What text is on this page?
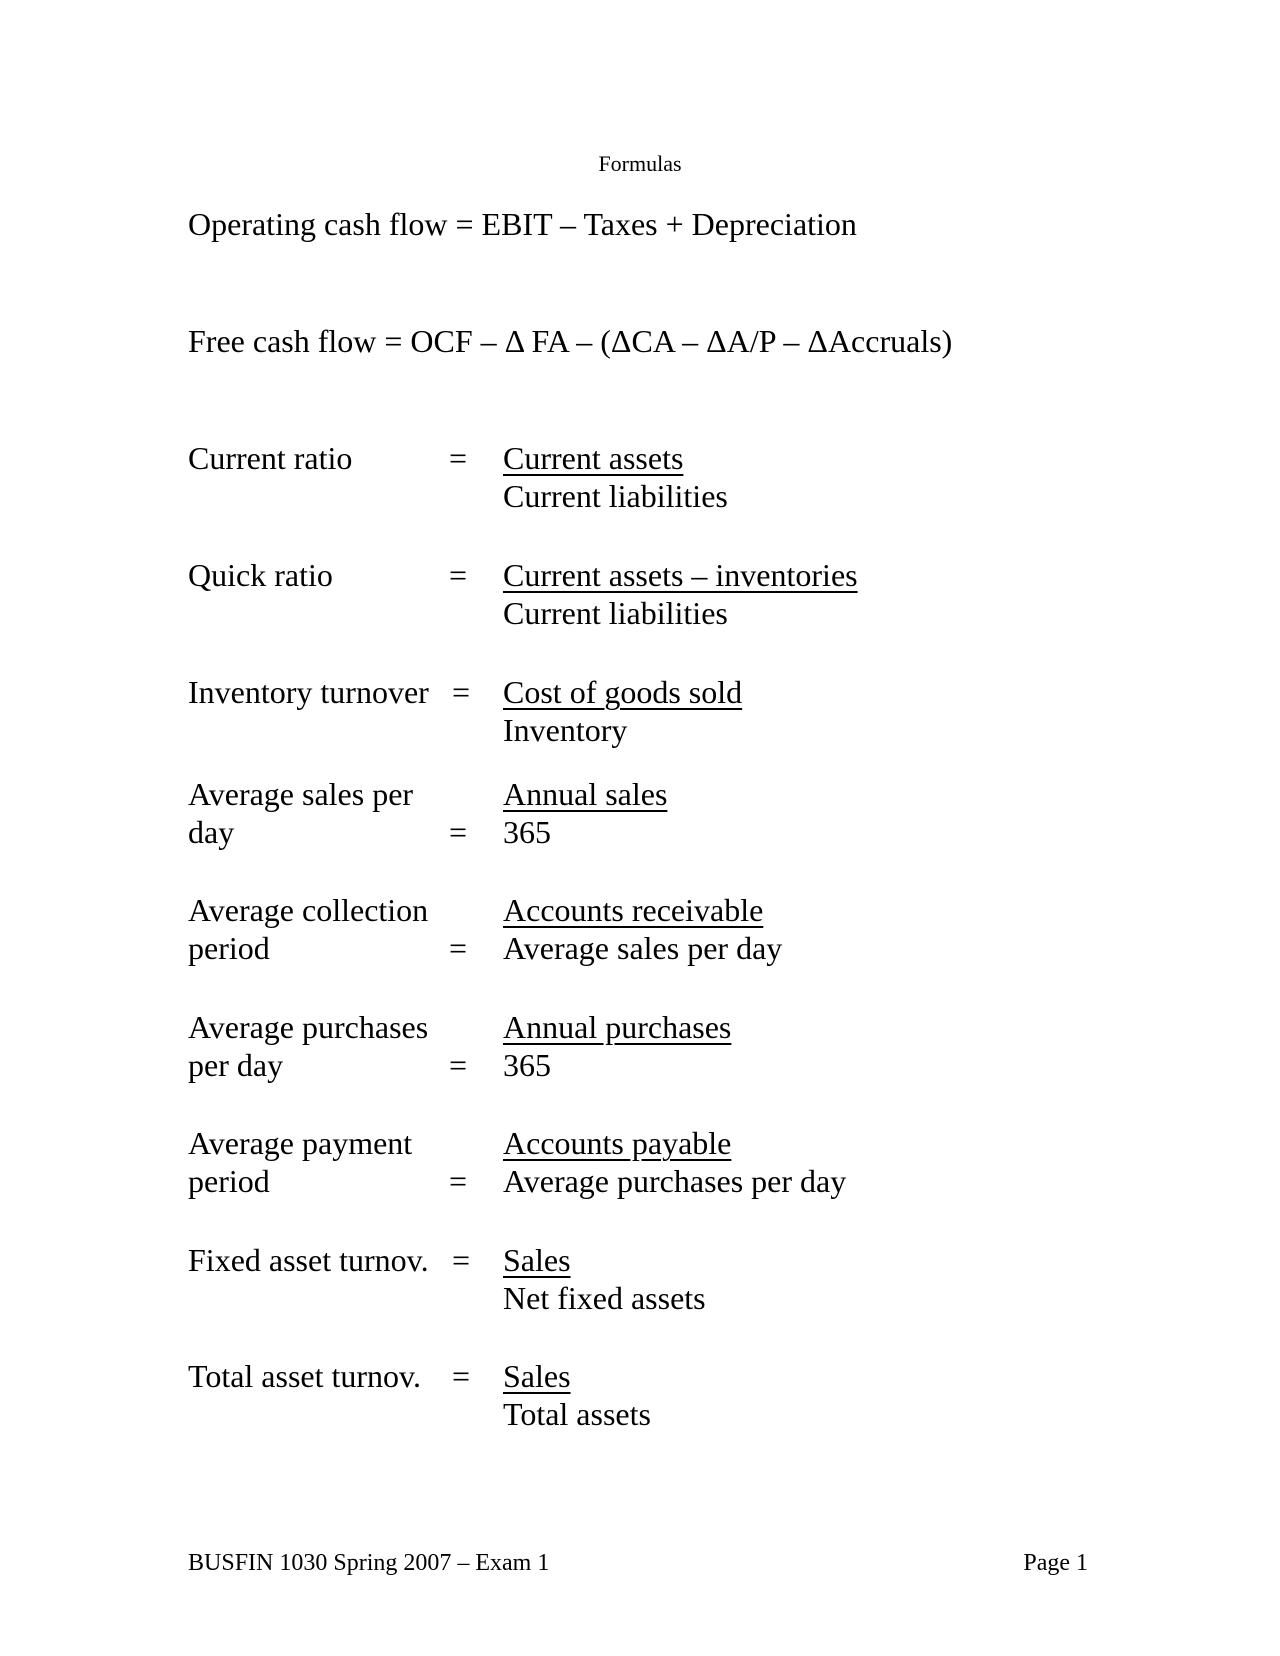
Formulas
Operating cash flow = EBIT – Taxes + Depreciation
Free cash flow = OCF – Δ FA – (ΔCA – ΔA/P – ΔAccruals)
Current ratio	= Current assets
Current liabilities
Quick ratio	= Current assets – inventories
Current liabilities
Inventory turnover = Cost of goods sold
Inventory
Average sales per
day	=
Annual sales
365
Average collection
period	=
Accounts receivable
Average sales per day
Average purchases
per day	=
Annual purchases
365
Average payment
period	=
Accounts payable
Average purchases per day
Fixed asset turnov. = Sales
Net fixed assets
Total asset turnov. = Sales
Total assets
BUSFIN 1030 Spring 2007 – Exam 1	Page 1
